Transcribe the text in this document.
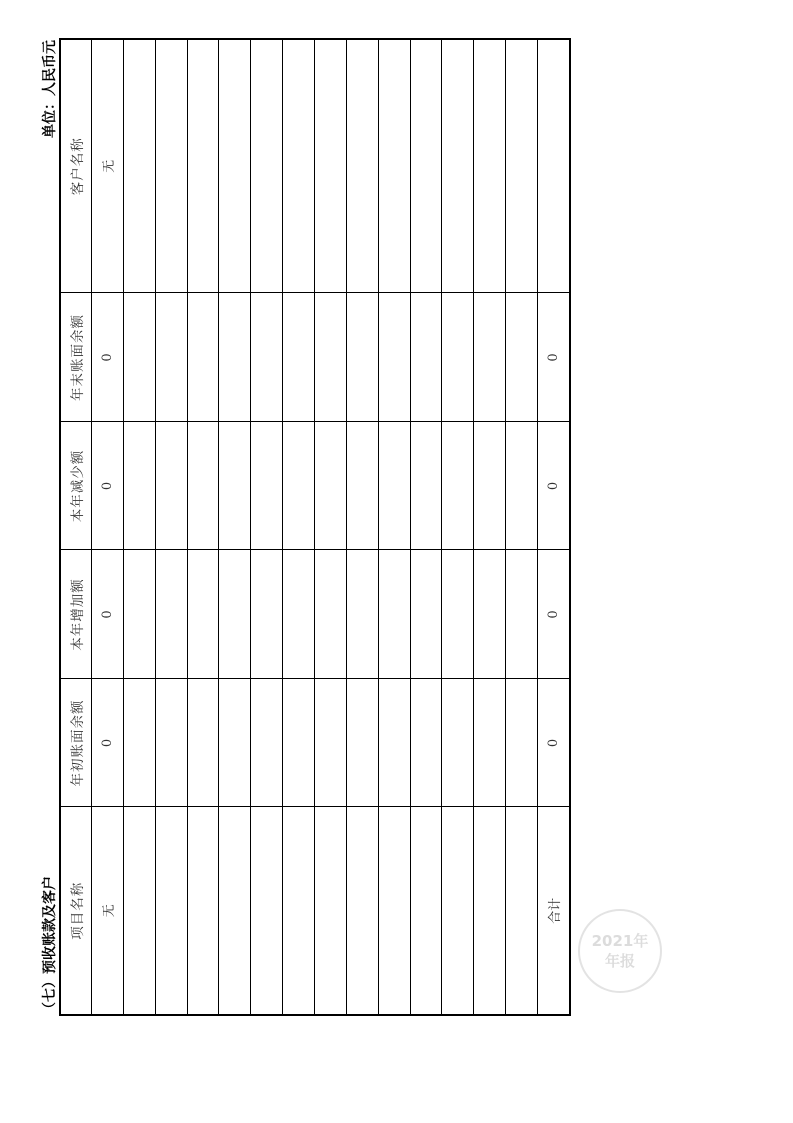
（七）预收账款及客户
单位：人民币元
项目名称	年初账面余额	本年增加额	本年减少额	年末账面余额	客户名称
无	0	0	0	0	无

合计	0	0	0	0	
2021年
年报
